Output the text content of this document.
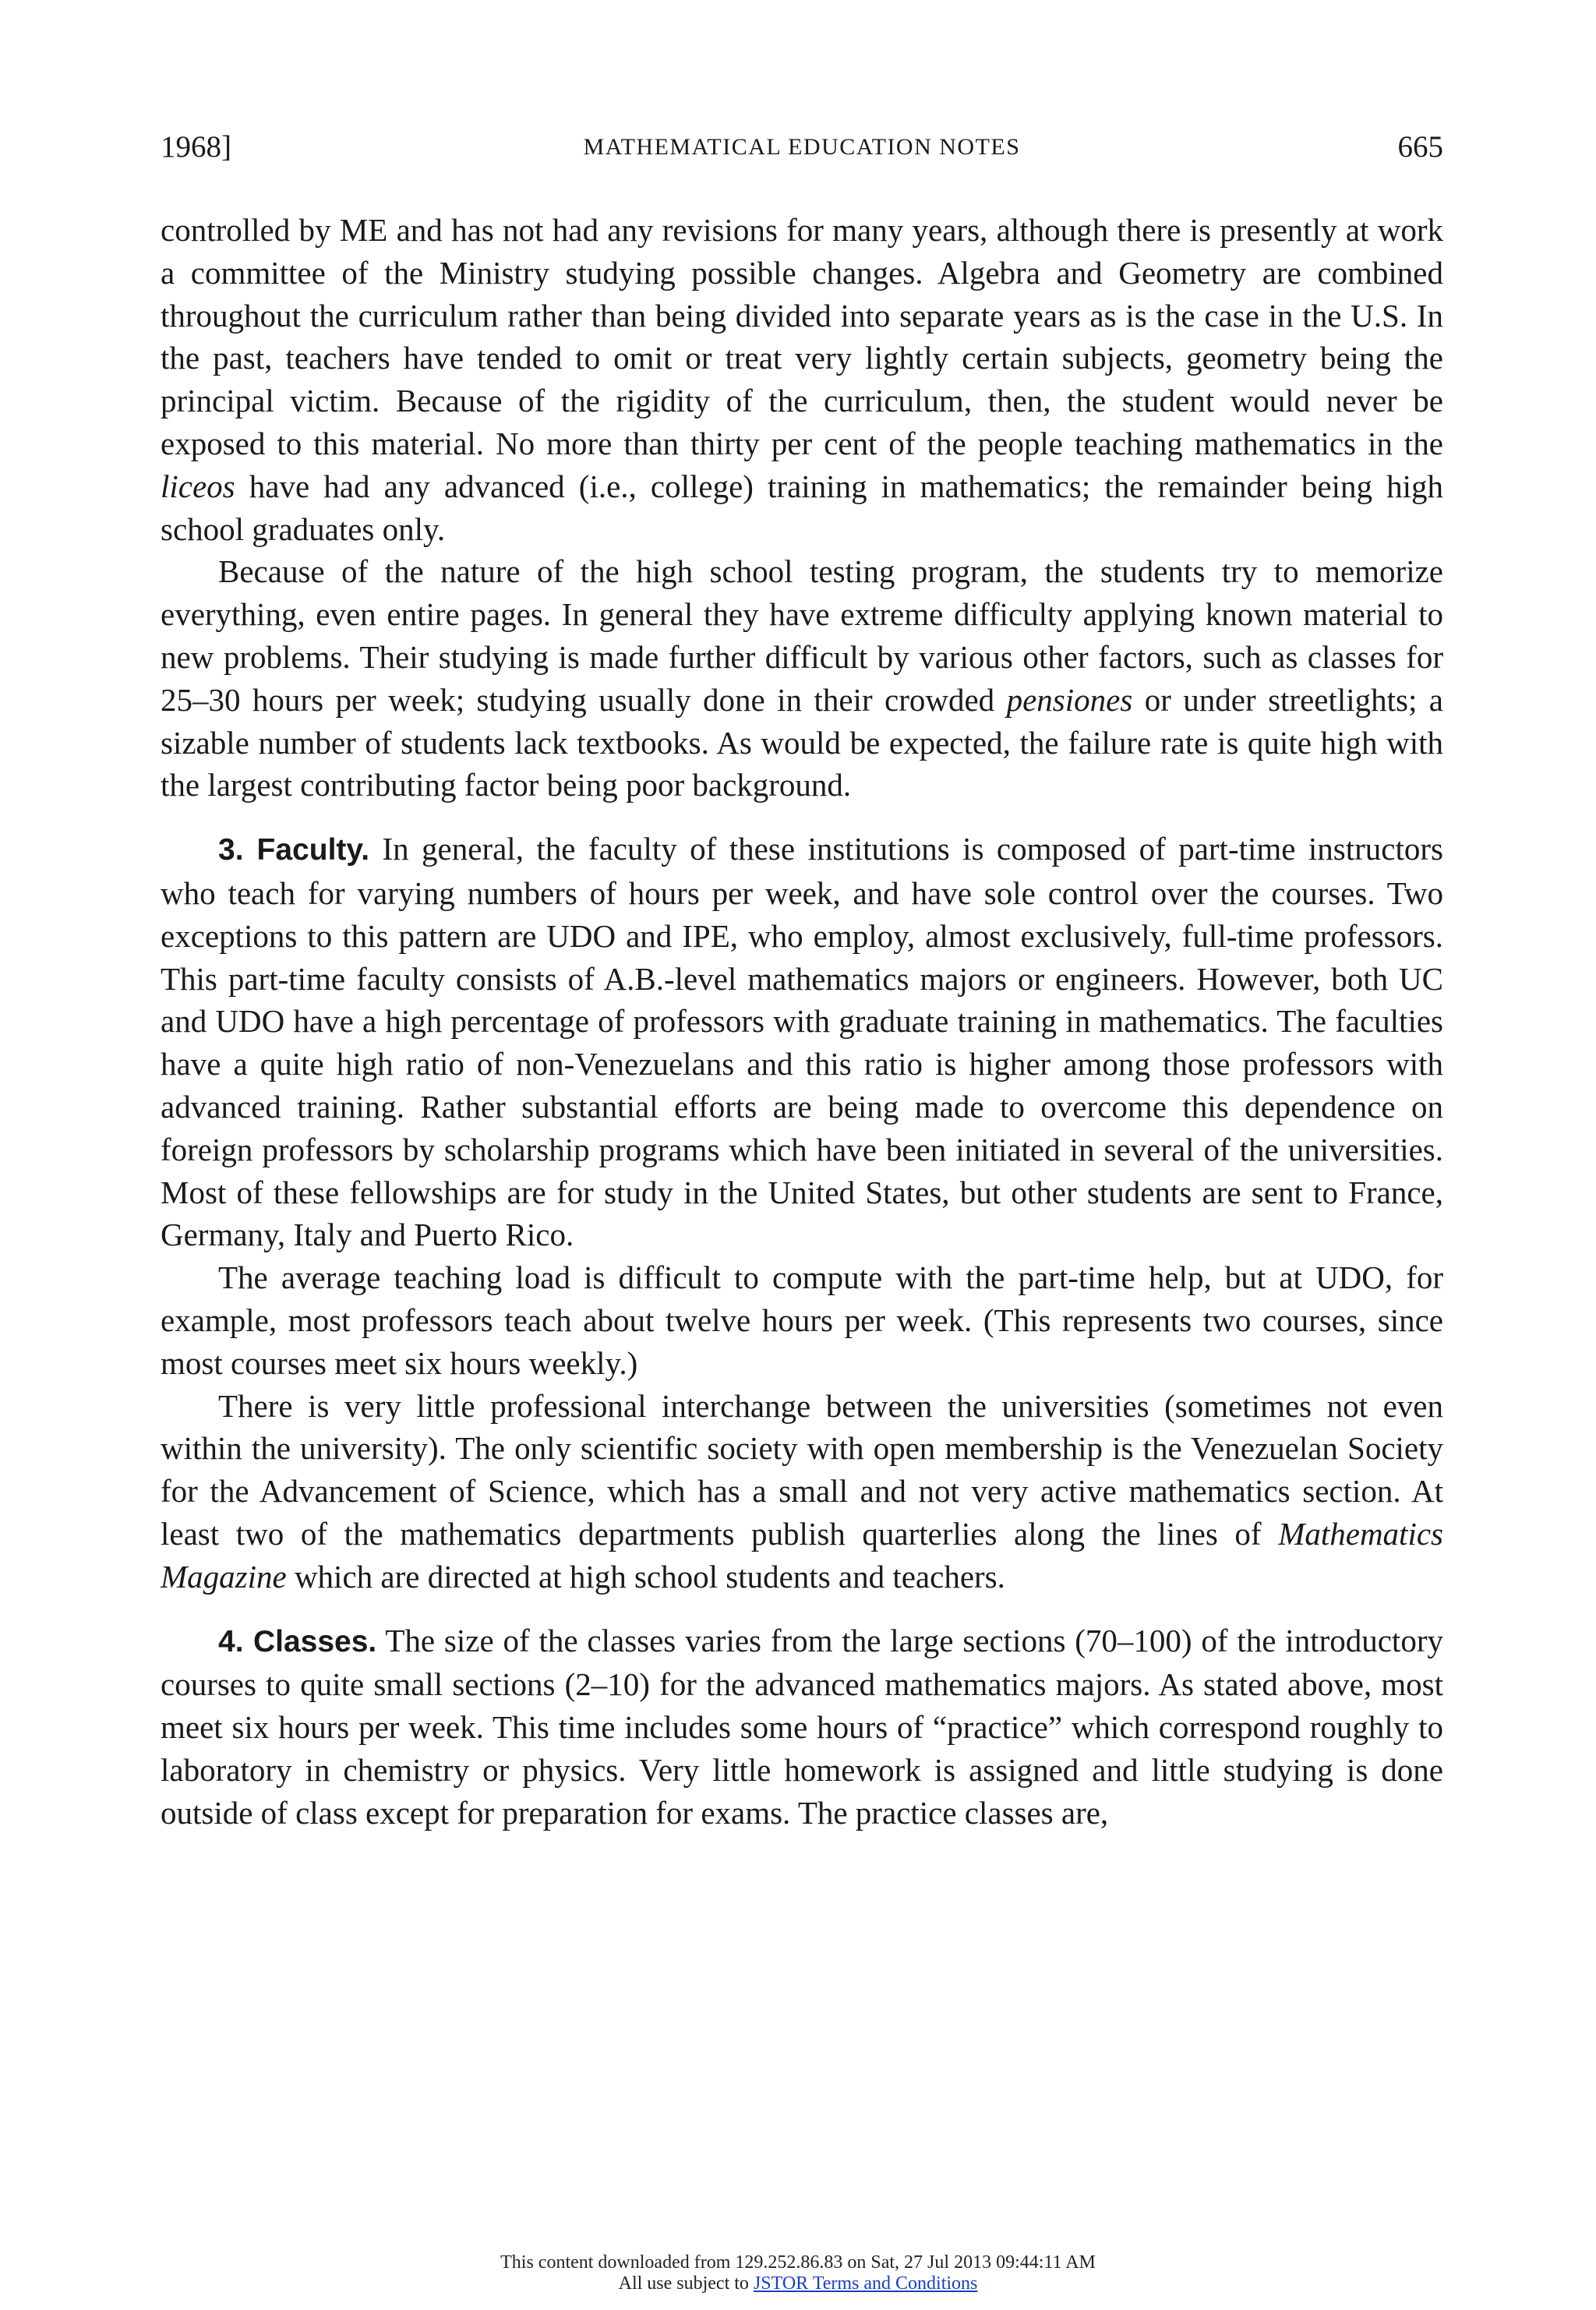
1968]	MATHEMATICAL EDUCATION NOTES	665

controlled by ME and has not had any revisions for many years, although there is presently at work a committee of the Ministry studying possible changes. Algebra and Geometry are combined throughout the curriculum rather than being divided into separate years as is the case in the U.S. In the past, teachers have tended to omit or treat very lightly certain subjects, geometry being the principal victim. Because of the rigidity of the curriculum, then, the student would never be exposed to this material. No more than thirty per cent of the people teaching mathematics in the liceos have had any advanced (i.e., college) training in mathematics; the remainder being high school graduates only.

Because of the nature of the high school testing program, the students try to memorize everything, even entire pages. In general they have extreme difficulty applying known material to new problems. Their studying is made further difficult by various other factors, such as classes for 25–30 hours per week; studying usually done in their crowded pensiones or under streetlights; a sizable number of students lack textbooks. As would be expected, the failure rate is quite high with the largest contributing factor being poor background.

3. Faculty. In general, the faculty of these institutions is composed of part-time instructors who teach for varying numbers of hours per week, and have sole control over the courses. Two exceptions to this pattern are UDO and IPE, who employ, almost exclusively, full-time professors. This part-time faculty consists of A.B.-level mathematics majors or engineers. However, both UC and UDO have a high percentage of professors with graduate training in mathematics. The faculties have a quite high ratio of non-Venezuelans and this ratio is higher among those professors with advanced training. Rather substantial efforts are being made to overcome this dependence on foreign professors by scholarship programs which have been initiated in several of the universities. Most of these fellowships are for study in the United States, but other students are sent to France, Germany, Italy and Puerto Rico.

The average teaching load is difficult to compute with the part-time help, but at UDO, for example, most professors teach about twelve hours per week. (This represents two courses, since most courses meet six hours weekly.)

There is very little professional interchange between the universities (sometimes not even within the university). The only scientific society with open membership is the Venezuelan Society for the Advancement of Science, which has a small and not very active mathematics section. At least two of the mathematics departments publish quarterlies along the lines of Mathematics Magazine which are directed at high school students and teachers.

4. Classes. The size of the classes varies from the large sections (70–100) of the introductory courses to quite small sections (2–10) for the advanced mathematics majors. As stated above, most meet six hours per week. This time includes some hours of “practice” which correspond roughly to laboratory in chemistry or physics. Very little homework is assigned and little studying is done outside of class except for preparation for exams. The practice classes are,

This content downloaded from 129.252.86.83 on Sat, 27 Jul 2013 09:44:11 AM
All use subject to JSTOR Terms and Conditions
